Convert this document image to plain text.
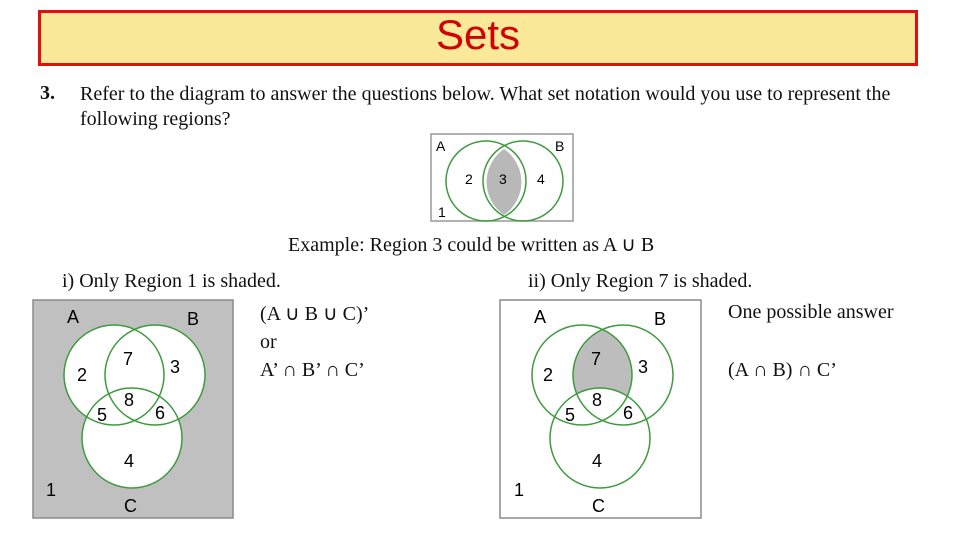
Sets
3. Refer to the diagram to answer the questions below. What set notation would you use to represent the following regions?
A	B
2 3 4
1
Example: Region 3 could be written as A ∪ B
i) Only Region 1 is shaded.
A	B
C
2
7 3
5
8
6
4
1
(A ∪ B ∪ C)’
or
A’ ∩ B’ ∩ C’
ii) Only Region 7 is shaded.
A	B
C
2
7 3
5
8
6
4
1
One possible answer
(A ∩ B) ∩ C’
